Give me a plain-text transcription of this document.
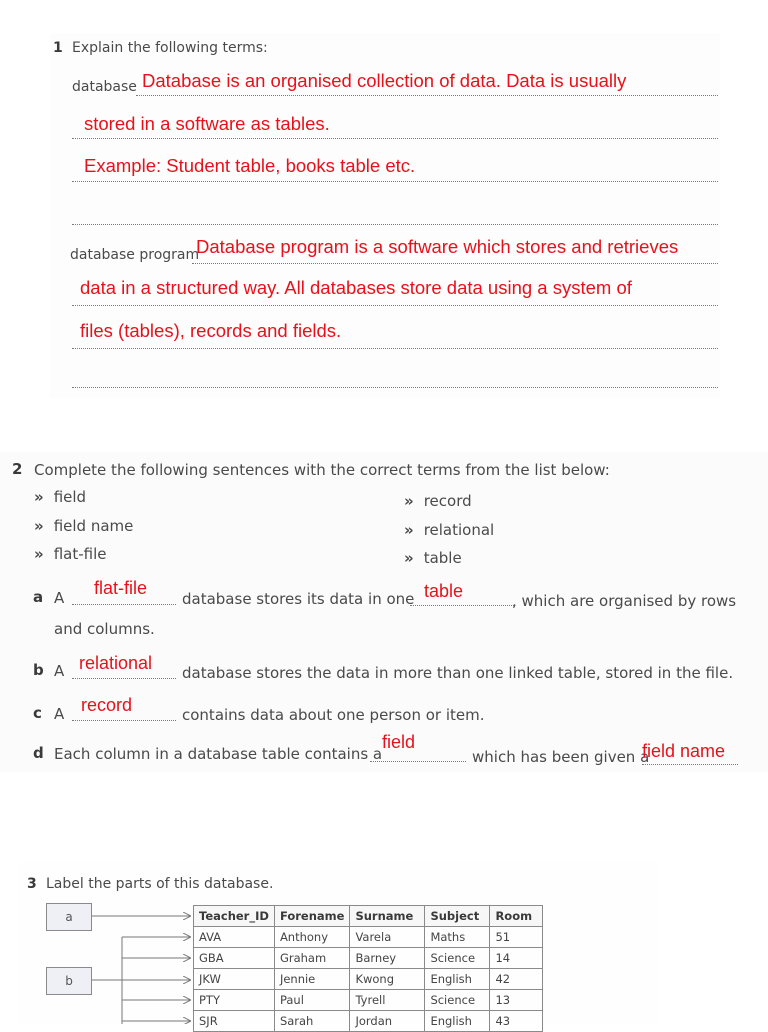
1 Explain the following terms:
database Database is an organised collection of data. Data is usually
stored in a software as tables.
Example: Student table, books table etc.
database program
Database program is a software which stores and retrieves
data in a structured way. All databases store data using a system of
files (tables), records and fields.
2 Complete the following sentences with the correct terms from the list below:
» field
» field name
» flat-file
» record
» relational
» table
a A flat-file
database stores its data in one table	, which are organised by rows
and columns.
b A relational database stores the data in more than one linked table, stored in the file.
c A record	contains data about one person or item.
d Each column in a database table contains a
field
which has been given a
field name
3 Label the parts of this database.
a
b
Teacher_ID	Forename	Surname	Subject	Room
AVA	Anthony	Varela	Maths	51
GBA	Graham	Barney	Science	14
JKW	Jennie	Kwong	English	42
PTY	Paul	Tyrell	Science	13
SJR	Sarah	Jordan	English	43
